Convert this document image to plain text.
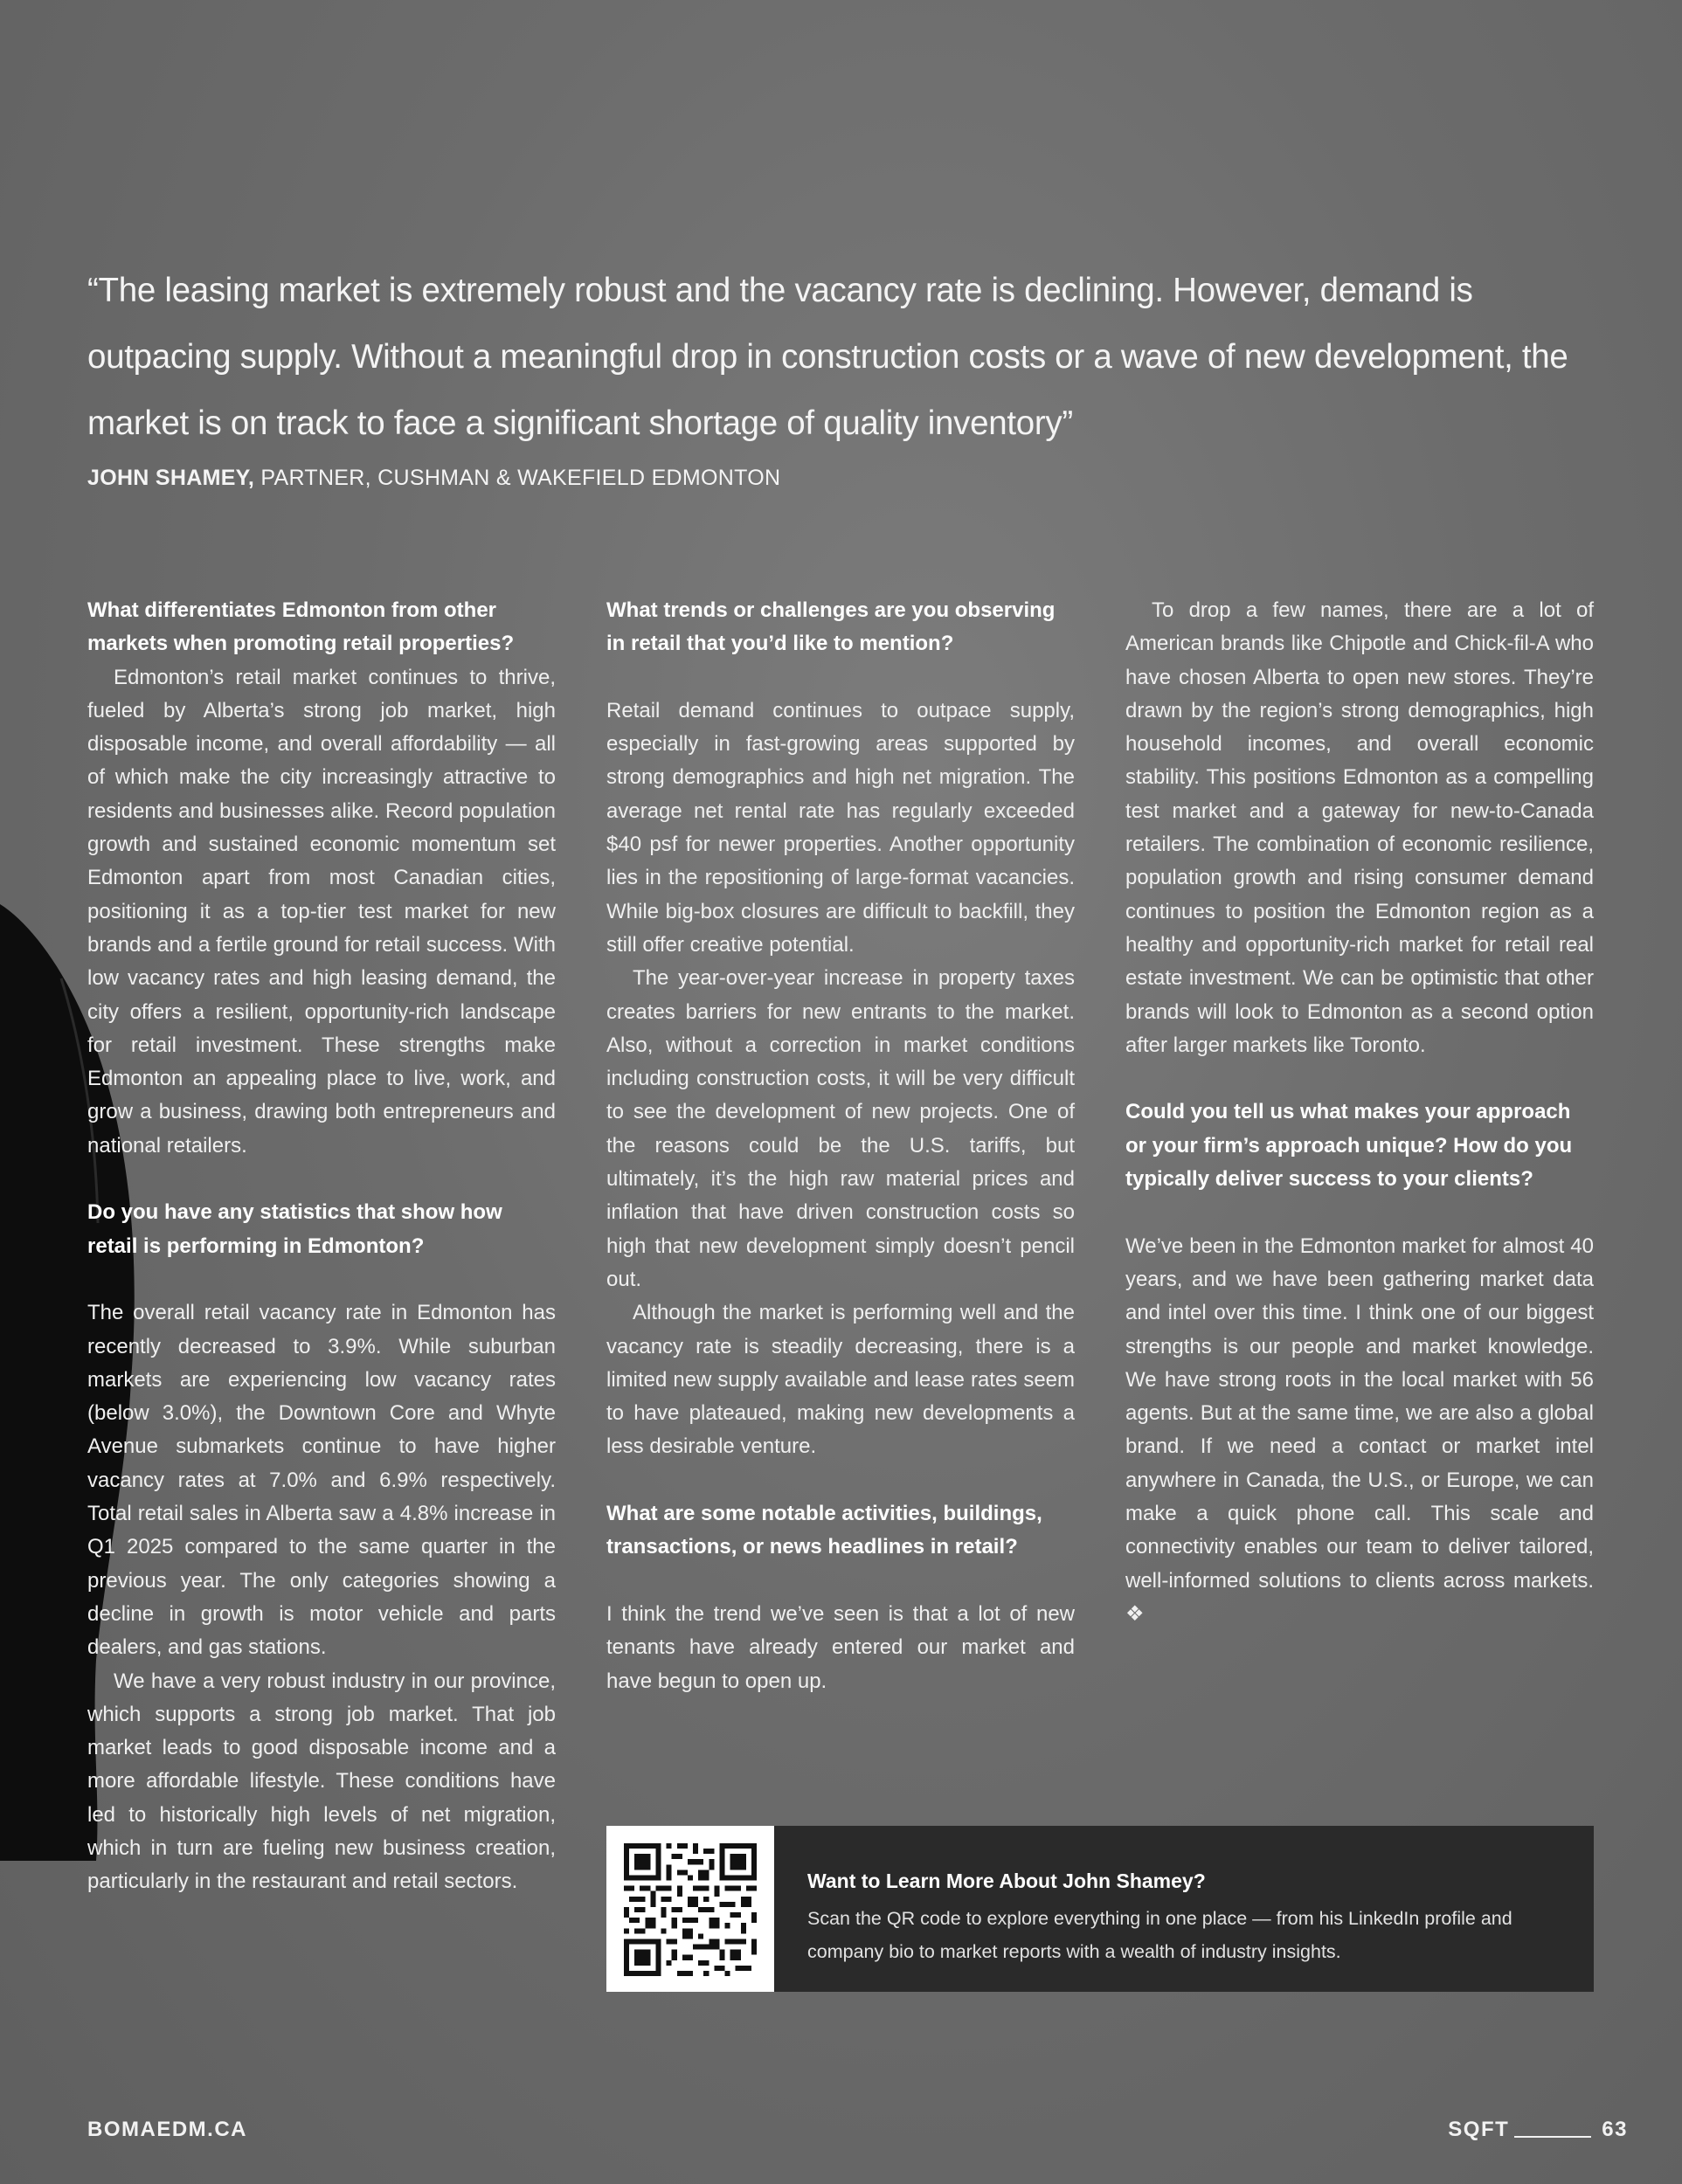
“The leasing market is extremely robust and the vacancy rate is declining. However, demand is outpacing supply. Without a meaningful drop in construction costs or a wave of new development, the market is on track to face a significant shortage of quality inventory”

JOHN SHAMEY, PARTNER, CUSHMAN & WAKEFIELD EDMONTON
What differentiates Edmonton from other markets when promoting retail properties?

Edmonton’s retail market continues to thrive, fueled by Alberta’s strong job market, high disposable income, and overall affordability — all of which make the city increasingly attractive to residents and businesses alike. Record population growth and sustained economic momentum set Edmonton apart from most Canadian cities, positioning it as a top-tier test market for new brands and a fertile ground for retail success. With low vacancy rates and high leasing demand, the city offers a resilient, opportunity-rich landscape for retail investment. These strengths make Edmonton an appealing place to live, work, and grow a business, drawing both entrepreneurs and national retailers.

Do you have any statistics that show how retail is performing in Edmonton?

The overall retail vacancy rate in Edmonton has recently decreased to 3.9%. While suburban markets are experiencing low vacancy rates (below 3.0%), the Downtown Core and Whyte Avenue submarkets continue to have higher vacancy rates at 7.0% and 6.9% respectively. Total retail sales in Alberta saw a 4.8% increase in Q1 2025 compared to the same quarter in the previous year. The only categories showing a decline in growth is motor vehicle and parts dealers, and gas stations.

We have a very robust industry in our province, which supports a strong job market. That job market leads to good disposable income and a more affordable lifestyle. These conditions have led to historically high levels of net migration, which in turn are fueling new business creation, particularly in the restaurant and retail sectors.

What trends or challenges are you observing in retail that you’d like to mention?

Retail demand continues to outpace supply, especially in fast-growing areas supported by strong demographics and high net migration. The average net rental rate has regularly exceeded $40 psf for newer properties. Another opportunity lies in the repositioning of large-format vacancies. While big-box closures are difficult to backfill, they still offer creative potential.

The year-over-year increase in property taxes creates barriers for new entrants to the market. Also, without a correction in market conditions including construction costs, it will be very difficult to see the development of new projects. One of the reasons could be the U.S. tariffs, but ultimately, it’s the high raw material prices and inflation that have driven construction costs so high that new development simply doesn’t pencil out.

Although the market is performing well and the vacancy rate is steadily decreasing, there is a limited new supply available and lease rates seem to have plateaued, making new developments a less desirable venture.

What are some notable activities, buildings, transactions, or news headlines in retail?

I think the trend we’ve seen is that a lot of new tenants have already entered our market and have begun to open up.

To drop a few names, there are a lot of American brands like Chipotle and Chick-fil-A who have chosen Alberta to open new stores. They’re drawn by the region’s strong demographics, high household incomes, and overall economic stability. This positions Edmonton as a compelling test market and a gateway for new-to-Canada retailers. The combination of economic resilience, population growth and rising consumer demand continues to position the Edmonton region as a healthy and opportunity-rich market for retail real estate investment. We can be optimistic that other brands will look to Edmonton as a second option after larger markets like Toronto.

Could you tell us what makes your approach or your firm’s approach unique? How do you typically deliver success to your clients?

We’ve been in the Edmonton market for almost 40 years, and we have been gathering market data and intel over this time. I think one of our biggest strengths is our people and market knowledge. We have strong roots in the local market with 56 agents. But at the same time, we are also a global brand. If we need a contact or market intel anywhere in Canada, the U.S., or Europe, we can make a quick phone call. This scale and connectivity enables our team to deliver tailored, well-informed solutions to clients across markets. ❖

Want to Learn More About John Shamey?
Scan the QR code to explore everything in one place — from his LinkedIn profile and company bio to market reports with a wealth of industry insights.
BOMAEDM.CA	SQFT	63
